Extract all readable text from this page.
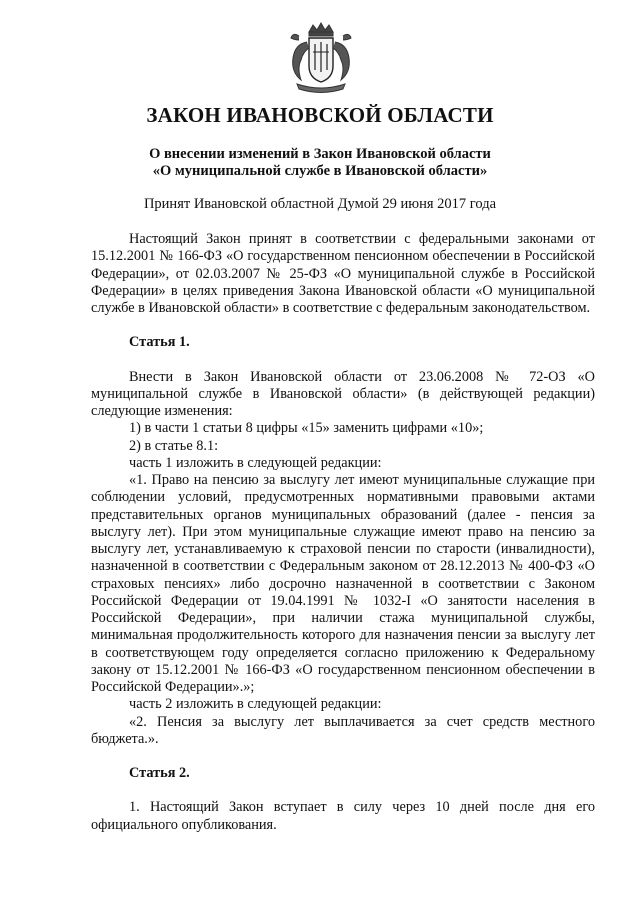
ЗАКОН ИВАНОВСКОЙ ОБЛАСТИ
О внесении изменений в Закон Ивановской области
«О муниципальной службе в Ивановской области»
Принят Ивановской областной Думой 29 июня 2017 года

Настоящий Закон принят в соответствии с федеральными законами от 15.12.2001 № 166-ФЗ «О государственном пенсионном обеспечении в Российской Федерации», от 02.03.2007 № 25-ФЗ «О муниципальной службе в Российской Федерации» в целях приведения Закона Ивановской области «О муниципальной службе в Ивановской области» в соответствие с федеральным законодательством.

Статья 1.

Внести в Закон Ивановской области от 23.06.2008 № 72-ОЗ «О муниципальной службе в Ивановской области» (в действующей редакции) следующие изменения:

1) в части 1 статьи 8 цифры «15» заменить цифрами «10»;

2) в статье 8.1:

часть 1 изложить в следующей редакции:

«1. Право на пенсию за выслугу лет имеют муниципальные служащие при соблюдении условий, предусмотренных нормативными правовыми актами представительных органов муниципальных образований (далее - пенсия за выслугу лет). При этом муниципальные служащие имеют право на пенсию за выслугу лет, устанавливаемую к страховой пенсии по старости (инвалидности), назначенной в соответствии с Федеральным законом от 28.12.2013 № 400-ФЗ «О страховых пенсиях» либо досрочно назначенной в соответствии с Законом Российской Федерации от 19.04.1991 № 1032-I «О занятости населения в Российской Федерации», при наличии стажа муниципальной службы, минимальная продолжительность которого для назначения пенсии за выслугу лет в соответствующем году определяется согласно приложению к Федеральному закону от 15.12.2001 № 166-ФЗ «О государственном пенсионном обеспечении в Российской Федерации».»;

часть 2 изложить в следующей редакции:

«2. Пенсия за выслугу лет выплачивается за счет средств местного бюджета.».

Статья 2.

1. Настоящий Закон вступает в силу через 10 дней после дня его официального опубликования.
